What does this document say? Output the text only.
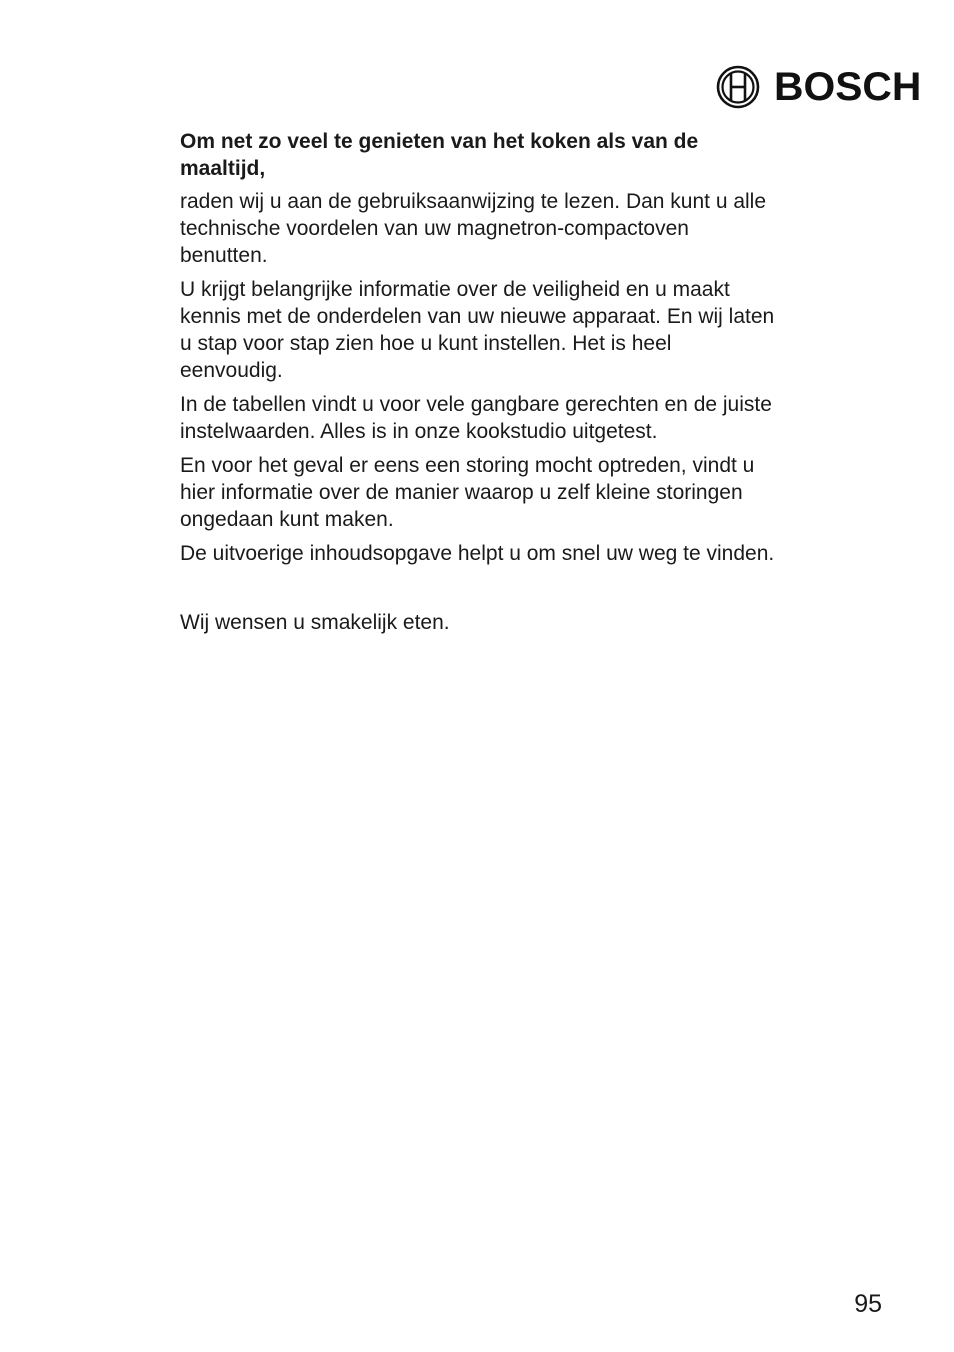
BOSCH

Om net zo veel te genieten van het koken als van de maaltijd,

raden wij u aan de gebruiksaanwijzing te lezen. Dan kunt u alle technische voordelen van uw magnetron-compactoven benutten.

U krijgt belangrijke informatie over de veiligheid en u maakt kennis met de onderdelen van uw nieuwe apparaat. En wij laten u stap voor stap zien hoe u kunt instellen. Het is heel eenvoudig.

In de tabellen vindt u voor vele gangbare gerechten en de juiste instelwaarden. Alles is in onze kookstudio uitgetest.

En voor het geval er eens een storing mocht optreden, vindt u hier informatie over de manier waarop u zelf kleine storingen ongedaan kunt maken.

De uitvoerige inhoudsopgave helpt u om snel uw weg te vinden.

Wij wensen u smakelijk eten.

95
